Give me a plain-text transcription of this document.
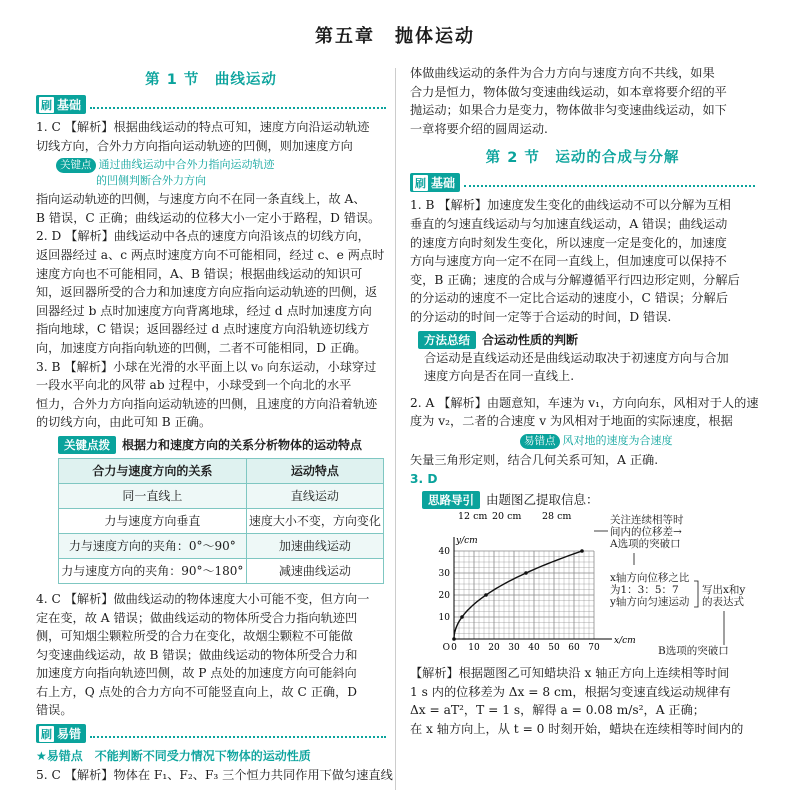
第五章　抛体运动
第 1 节　曲线运动
刷 基础
1. C 【解析】根据曲线运动的特点可知，速度方向沿运动轨迹
切线方向，合外力方向指向运动轨迹的凹侧，则加速度方向
关键点 通过曲线运动中合外力指向运动轨迹
的凹侧判断合外力方向
指向运动轨迹的凹侧，与速度方向不在同一条直线上，故 A、
B 错误，C 正确；曲线运动的位移大小一定小于路程，D 错误。
2. D 【解析】曲线运动中各点的速度方向沿该点的切线方向，
返回器经过 a、c 两点时速度方向不可能相同，经过 c、e 两点时
速度方向也不可能相同，A、B 错误；根据曲线运动的知识可
知，返回器所受的合力和加速度方向应指向运动轨迹的凹侧，返
回器经过 b 点时加速度方向背离地球，经过 d 点时加速度方向
指向地球，C 错误；返回器经过 d 点时速度方向沿轨迹切线方
向，加速度方向指向轨迹的凹侧，二者不可能相同，D 正确。
3. B 【解析】小球在光滑的水平面上以 v₀ 向东运动，小球穿过
一段水平向北的风带 ab 过程中，小球受到一个向北的水平
恒力，合外力方向指向运动轨迹的凹侧，且速度的方向沿着轨迹
的切线方向，由此可知 B 正确。
关键点拨 根据力和速度方向的关系分析物体的运动特点
合力与速度方向的关系	运动特点
同一直线上	直线运动
力与速度方向垂直	速度大小不变，方向变化
力与速度方向的夹角：0°～90°	加速曲线运动
力与速度方向的夹角：90°～180°	减速曲线运动
4. C 【解析】做曲线运动的物体速度大小可能不变，但方向一
定在变，故 A 错误；做曲线运动的物体所受合力指向轨迹凹
侧，可知烟尘颗粒所受的合力在变化，故烟尘颗粒不可能做
匀变速曲线运动，故 B 错误；做曲线运动的物体所受合力和
加速度方向指向轨迹凹侧，故 P 点处的加速度方向可能斜向
右上方，Q 点处的合力方向不可能竖直向上，故 C 正确，D
错误。
刷 易错
★易错点　不能判断不同受力情况下物体的运动性质
5. C 【解析】物体在 F₁、F₂、F₃ 三个恒力共同作用下做匀速直线
体做曲线运动的条件为合力方向与速度方向不共线，如果
合力是恒力，物体做匀变速曲线运动，如本章将要介绍的平
抛运动；如果合力是变力，物体做非匀变速曲线运动，如下
一章将要介绍的圆周运动.
第 2 节　运动的合成与分解
刷 基础
1. B 【解析】加速度发生变化的曲线运动不可以分解为互相
垂直的匀速直线运动与匀加速直线运动，A 错误；曲线运动
的速度方向时刻发生变化，所以速度一定是变化的，加速度
方向与速度方向一定不在同一直线上，但加速度可以保持不
变，B 正确；速度的合成与分解遵循平行四边形定则，分解后
的分运动的速度不一定比合运动的速度小，C 错误；分解后
的分运动的时间一定等于合运动的时间，D 错误.
方法总结 合运动性质的判断
合运动是直线运动还是曲线运动取决于初速度方向与合加
速度方向是否在同一直线上.
2. A 【解析】由题意知，车速为 v₁，方向向东，风相对于人的速
度为 v₂，二者的合速度 v 为风相对于地面的实际速度，根据
易错点 风对地的速度为合速度
矢量三角形定则，结合几何关系可知，A 正确.
3. D
思路导引 由题图乙提取信息：
0 10 20 30 40 50 60 70
10
20
30
40
O
x/cm
y/cm
12 cm 20 cm 28 cm	关注连续相等时
间内的位移差→
A选项的突破口
x轴方向位移之比
为1：3：5：7
y轴方向匀速运动
写出x和y
的表达式
B选项的突破口
【解析】根据题图乙可知蜡块沿 x 轴正方向上连续相等时间
1 s 内的位移差为 Δx = 8 cm，根据匀变速直线运动规律有
Δx = aT²，T = 1 s，解得 a = 0.08 m/s²，A 正确；
在 x 轴方向上，从 t = 0 时刻开始，蜡块在连续相等时间内的
